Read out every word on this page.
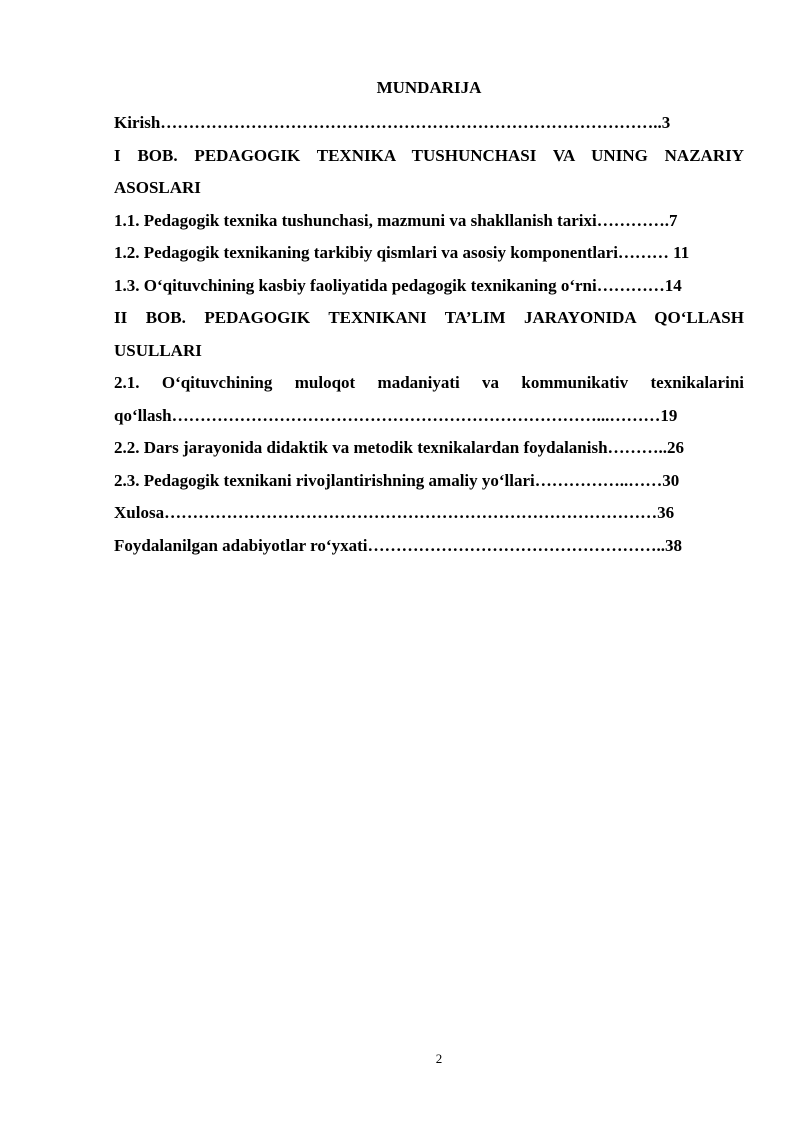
MUNDARIJA

Kirish……………………………………………………………………………..3

I BOB. PEDAGOGIK TEXNIKA TUSHUNCHASI VA UNING NAZARIY ASOSLARI

1.1. Pedagogik texnika tushunchasi, mazmuni va shakllanish tarixi………….7

1.2. Pedagogik texnikaning tarkibiy qismlari va asosiy komponentlari……… 11

1.3. O‘qituvchining kasbiy faoliyatida pedagogik texnikaning o‘rni…………14

II BOB. PEDAGOGIK TEXNIKANI TA’LIM JARAYONIDA QO‘LLASH USULLARI

2.1. O‘qituvchining muloqot madaniyati va kommunikativ texnikalarini qo‘llash…………………………………………………………………...………19

2.2. Dars jarayonida didaktik va metodik texnikalardan foydalanish………..26

2.3. Pedagogik texnikani rivojlantirishning amaliy yo‘llari……………..……30

Xulosa……………………………………………………………………………36

Foydalanilgan adabiyotlar ro‘yxati……………………………………………..38

2
